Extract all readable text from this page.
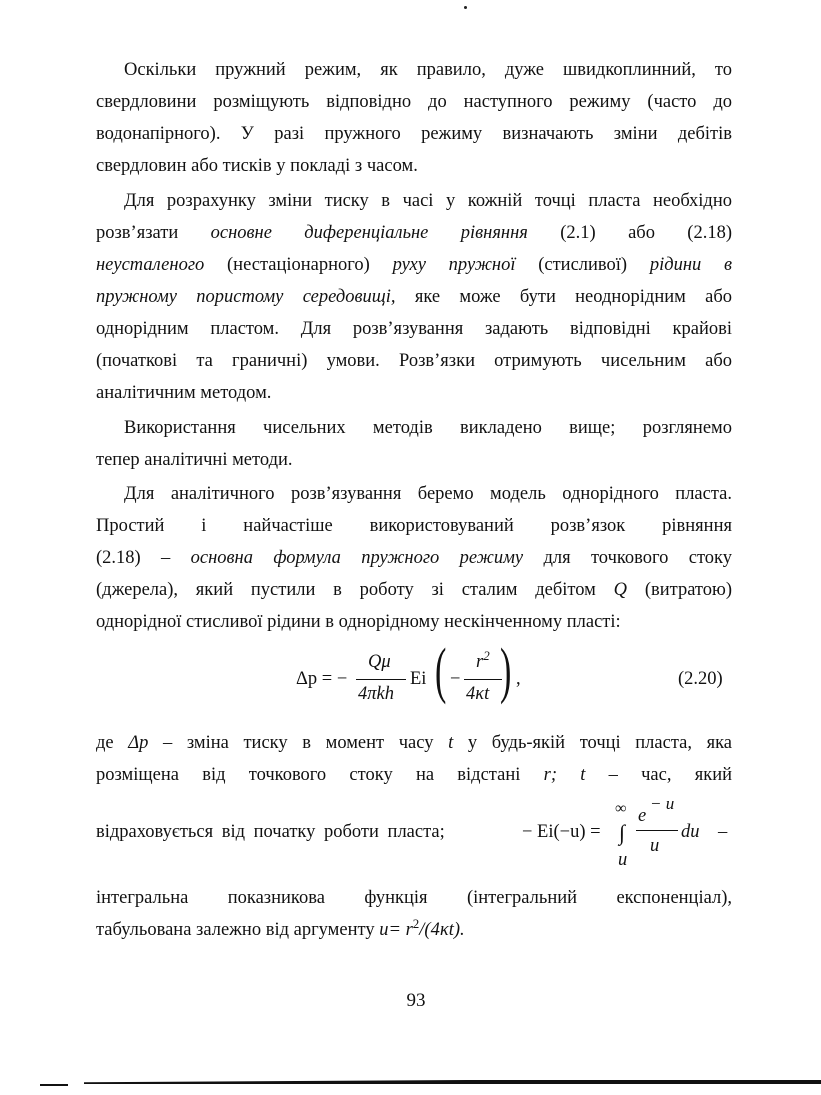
Оскільки пружний режим, як правило, дуже швидкоплинний, то

свердловини розміщують відповідно до наступного режиму (часто до

водонапірного). У разі пружного режиму визначають зміни дебітів

свердловин або тисків у покладі з часом.

Для розрахунку зміни тиску в часі у кожній точці пласта необхідно

розв’язати основне диференціальне рівняння (2.1) або (2.18)

неусталеного (нестаціонарного) руху пружної (стисливої) рідини в

пружному пористому середовищі, яке може бути неоднорідним або

однорідним пластом. Для розв’язування задають відповідні крайові

(початкові та граничні) умови. Розв’язки отримують чисельним або

аналітичним методом.

Використання чисельних методів викладено вище; розглянемо

тепер аналітичні методи.

Для аналітичного розв’язування беремо модель однорідного пласта.

Простий і найчастіше використовуваний розв’язок рівняння

(2.18) – основна формула пружного режиму для точкового стоку

(джерела), який пустили в роботу зі сталим дебітом Q (витратою)

однорідної стисливої рідини в однорідному нескінченному пласті:

Δp = −
Qμ
4πkh
Ei ( −
$r^2$
4κt ) ,	(2.20)

де Δp – зміна тиску в момент часу t у будь-якій точці пласта, яка

розміщена від точкового стоку на відстані r; t – час, який

відраховується від початку роботи пласта;	− Ei(−u) =
∞
∫
e
− u
u
du –
u

інтегральна показникова функція (інтегральний експоненціал),

табульована залежно від аргументу $u= r^2/(4\kappa t)$.

93
